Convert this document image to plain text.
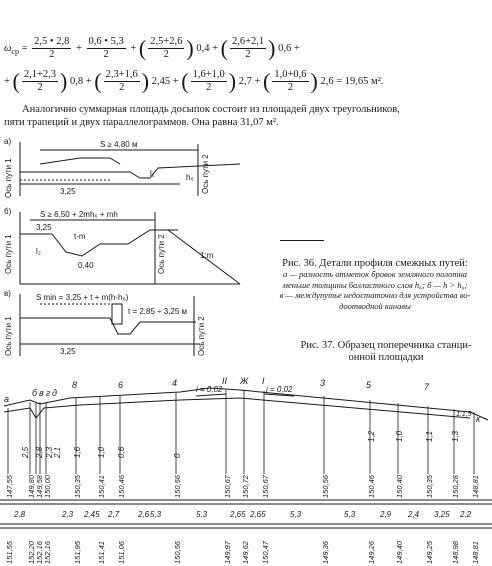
$\omega_{ср} = \frac{2,5 • 2,8}{2} + \frac{0,6 • 5,3}{2}$ + ( $\frac{2,5+2,6}{2}$ ) 0,4 + ( $\frac{2,6+2,1}{2}$ ) 0,6 +
+ ( $\frac{2,1+2,3}{2}$ ) 0,8 + ( $\frac{2,3+1,6}{2}$ ) 2,45 + ( $\frac{1,6+1,0}{2}$ ) 2,7 + ( $\frac{1,0+0,6}{2}$ ) 2,6 = 19,65 м².
Аналогично суммарная площадь досыпок состоит из площадей двух треугольников,
пяти трапеций и двух параллелограммов. Она равна 31,07 м².
а)	S ≥ 4,80 м
3,25
l₁	h₆
Ось пути 1	Ось пути 2
б)	S ≥ 6,50 + 2mh₆ + mh
3,25
t-m
l₂
0,40
1:m
Ось пути 1	Ось пути 2
в)	S min = 3,25 + t + m(h-h₆)
t = 2,85 ÷ 3,25 м
3,25
Ось пути 1	Ось пути 2
Рис. 36. Детали профиля смежных путей:
а — разность отметок бровок земляного полотна
меньше толщины балластного слоя h₆; б — h > h₆;
в — междупутье недостаточно для устройства во-
доотводной канавы
Рис. 37. Образец поперечника станци-
онной площадки
а
б в г д
8	6	4	II Ж I	3	5	7
к
i = 0,02	i = 0,02
1:1,5
2,5 2,8 2,3 2,1 1,6 1,0 0,6	0
1,2 1,0	1,1 1,3
147,55 149,80 149,58 150,00	150,35 150,41 150,46	150,56	150,67 150,72 150,67	150,56	150,46	150,40	150,35 150,28 148,81
2,8	2,3 2,45 2,7 2,6 5,3	5,3	2,65 2,65	5,3	5,3	2,9 2,4 3,25 2,2
151,55 152,20 152,16 152,16	151,95 151,41 151,06	150,56	149,97 149,62 150,47	149,36	149,26	149,40	149,25 148,98 148,81
